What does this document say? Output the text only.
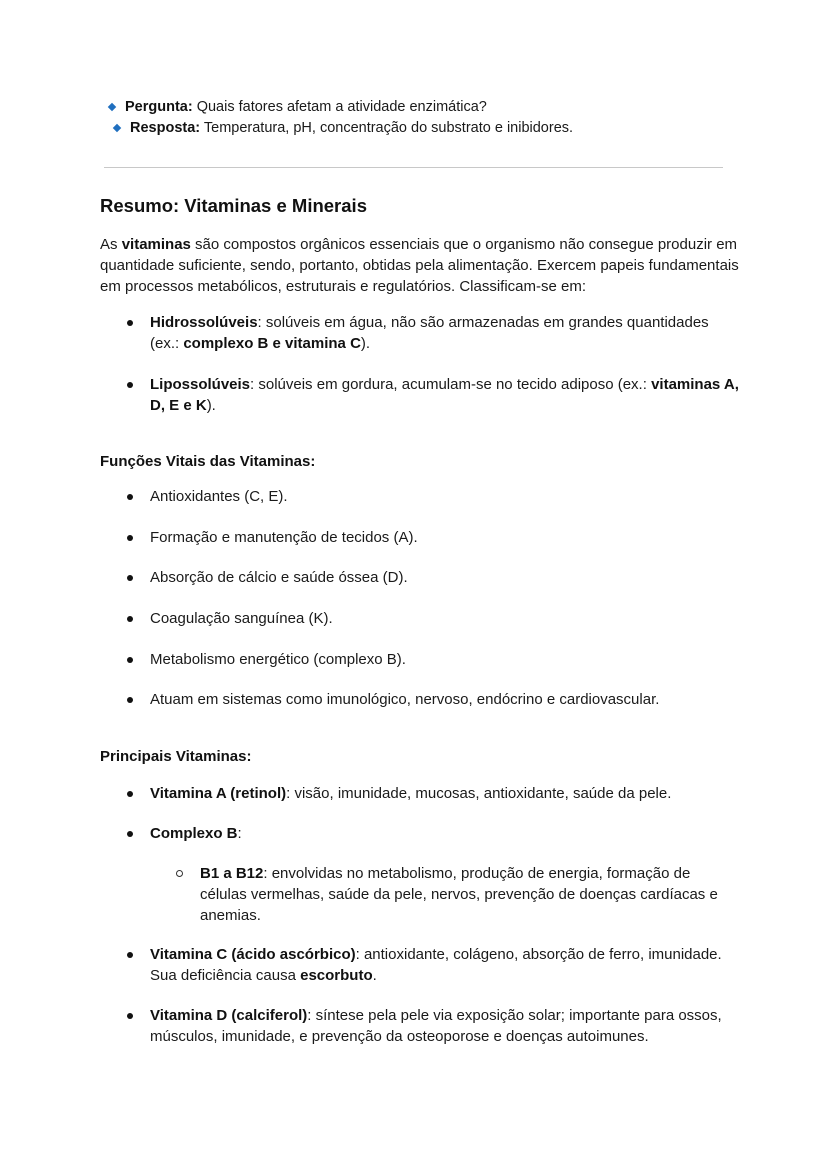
Pergunta: Quais fatores afetam a atividade enzimática?
Resposta: Temperatura, pH, concentração do substrato e inibidores.
Resumo: Vitaminas e Minerais
As vitaminas são compostos orgânicos essenciais que o organismo não consegue produzir em quantidade suficiente, sendo, portanto, obtidas pela alimentação. Exercem papeis fundamentais em processos metabólicos, estruturais e regulatórios. Classificam-se em:
Hidrossolúveis: solúveis em água, não são armazenadas em grandes quantidades (ex.: complexo B e vitamina C).
Lipossolúveis: solúveis em gordura, acumulam-se no tecido adiposo (ex.: vitaminas A, D, E e K).
Funções Vitais das Vitaminas:
Antioxidantes (C, E).
Formação e manutenção de tecidos (A).
Absorção de cálcio e saúde óssea (D).
Coagulação sanguínea (K).
Metabolismo energético (complexo B).
Atuam em sistemas como imunológico, nervoso, endócrino e cardiovascular.
Principais Vitaminas:
Vitamina A (retinol): visão, imunidade, mucosas, antioxidante, saúde da pele.
Complexo B:
B1 a B12: envolvidas no metabolismo, produção de energia, formação de células vermelhas, saúde da pele, nervos, prevenção de doenças cardíacas e anemias.
Vitamina C (ácido ascórbico): antioxidante, colágeno, absorção de ferro, imunidade. Sua deficiência causa escorbuto.
Vitamina D (calciferol): síntese pela pele via exposição solar; importante para ossos, músculos, imunidade, e prevenção da osteoporose e doenças autoimunes.
